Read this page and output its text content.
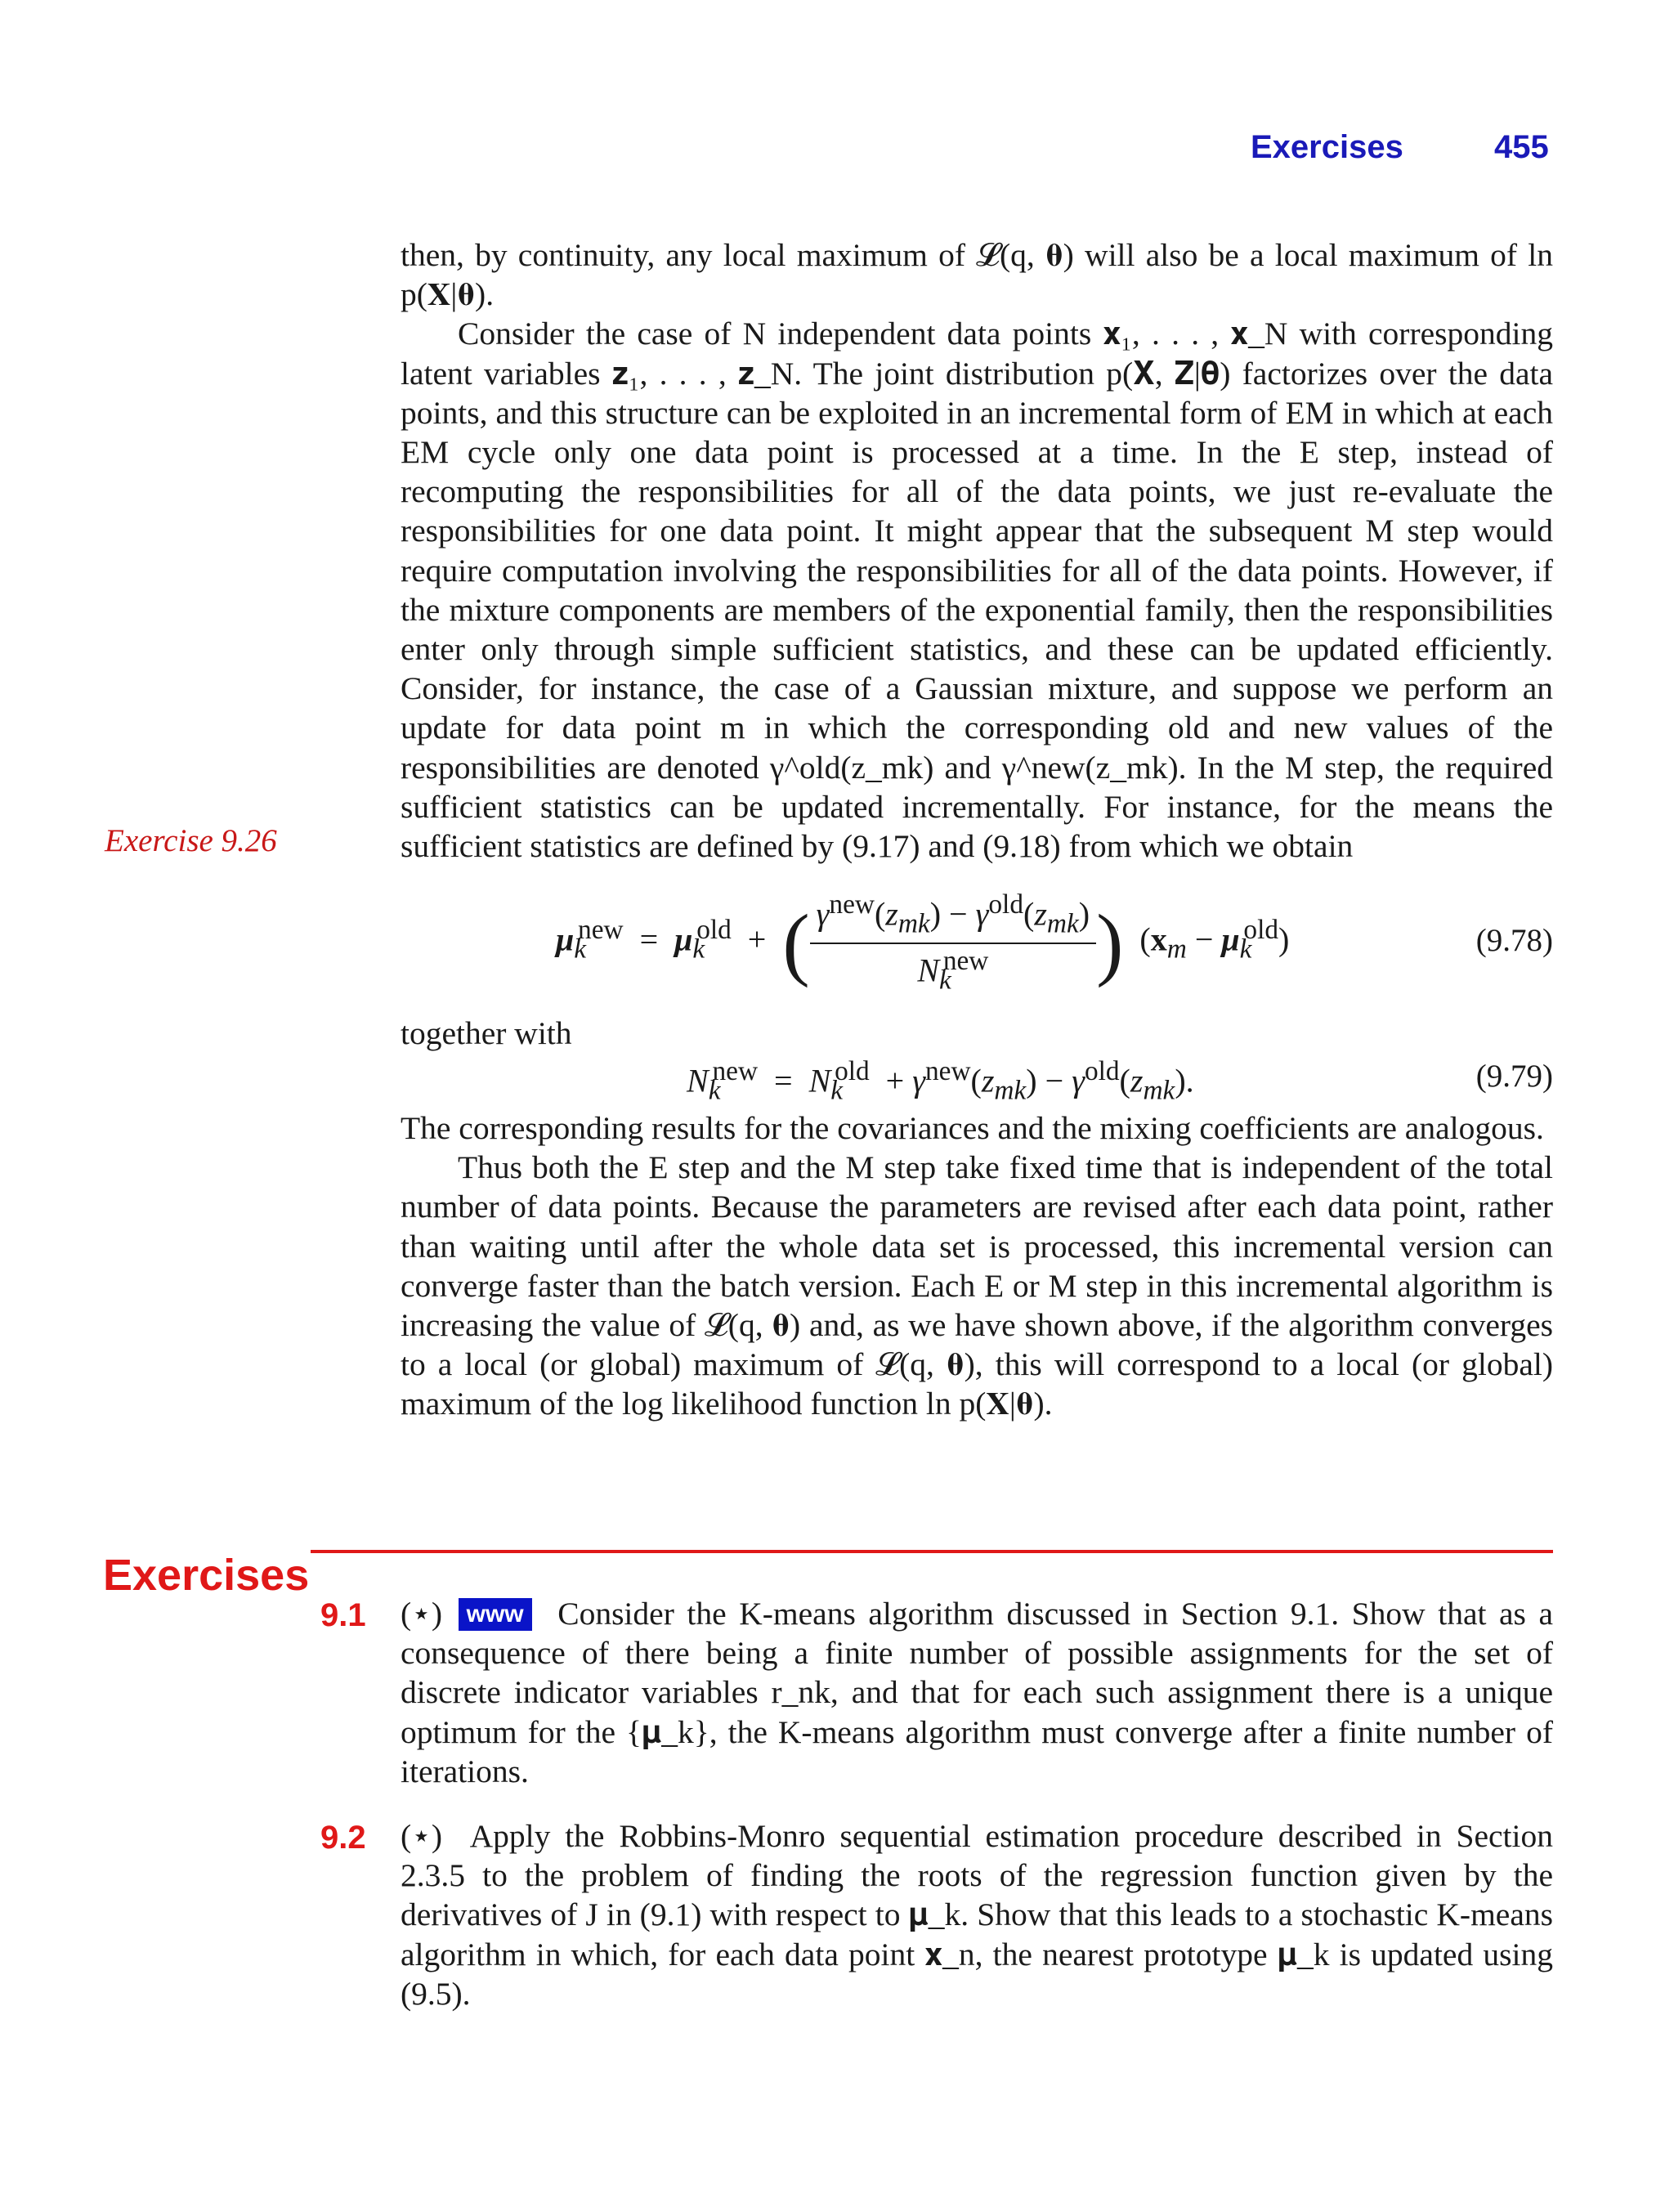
Exercises	455
Exercise 9.26

then, by continuity, any local maximum of 𝓛(q, 𝛉) will also be a local maximum of ln p(𝐗|𝛉).

Consider the case of N independent data points 𝐱₁, . . . , 𝐱_N with corresponding latent variables 𝐳₁, . . . , 𝐳_N. The joint distribution p(𝐗, 𝐙|𝛉) factorizes over the data points, and this structure can be exploited in an incremental form of EM in which at each EM cycle only one data point is processed at a time. In the E step, instead of recomputing the responsibilities for all of the data points, we just re-evaluate the responsibilities for one data point. It might appear that the subsequent M step would require computation involving the responsibilities for all of the data points. However, if the mixture components are members of the exponential family, then the responsibilities enter only through simple sufficient statistics, and these can be updated efficiently. Consider, for instance, the case of a Gaussian mixture, and suppose we perform an update for data point m in which the corresponding old and new values of the responsibilities are denoted γ^old(z_mk) and γ^new(z_mk). In the M step, the required sufficient statistics can be updated incrementally. For instance, for the means the sufficient statistics are defined by (9.17) and (9.18) from which we obtain

$\mu_k^{new} = \mu_k^{old}$  +  ( $\frac{\gamma^{new}(z_{mk}) - \gamma^{old}(z_{mk})}{N_k^{new}}$ )  $(x_m - \mu_k^{old})$	(9.78)
together with
$N_k^{new} = N_k^{old} + \gamma^{new}(z_{mk}) - \gamma^{old}(z_{mk})$.	(9.79)

The corresponding results for the covariances and the mixing coefficients are analogous.

Thus both the E step and the M step take fixed time that is independent of the total number of data points. Because the parameters are revised after each data point, rather than waiting until after the whole data set is processed, this incremental version can converge faster than the batch version. Each E or M step in this incremental algorithm is increasing the value of 𝓛(q, 𝛉) and, as we have shown above, if the algorithm converges to a local (or global) maximum of 𝓛(q, 𝛉), this will correspond to a local (or global) maximum of the log likelihood function ln p(𝐗|𝛉).

Exercises
9.1 (⋆) www Consider the K-means algorithm discussed in Section 9.1. Show that as a consequence of there being a finite number of possible assignments for the set of discrete indicator variables r_nk, and that for each such assignment there is a unique optimum for the {𝛍_k}, the K-means algorithm must converge after a finite number of iterations.

9.2 (⋆) Apply the Robbins-Monro sequential estimation procedure described in Section 2.3.5 to the problem of finding the roots of the regression function given by the derivatives of J in (9.1) with respect to 𝛍_k. Show that this leads to a stochastic K-means algorithm in which, for each data point 𝐱_n, the nearest prototype 𝛍_k is updated using (9.5).
